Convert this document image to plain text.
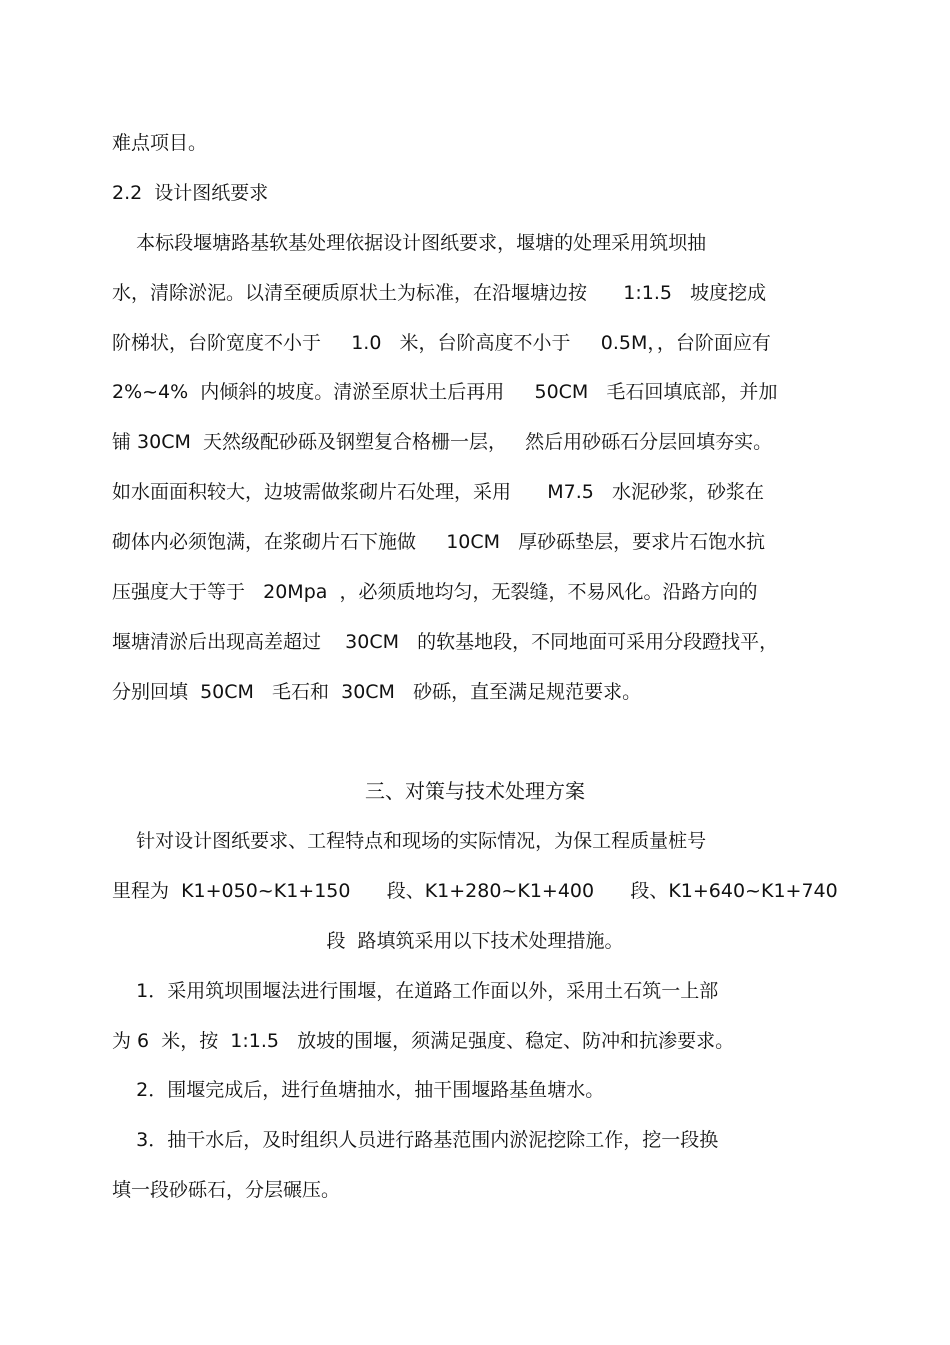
难点项目。
2.2  设计图纸要求
本标段堰塘路基软基处理依据设计图纸要求，堰塘的处理采用筑坝抽
水，清除淤泥。以清至硬质原状土为标准，在沿堰塘边按      1:1.5   坡度挖成
阶梯状，台阶宽度不小于     1.0   米，台阶高度不小于     0.5M，，台阶面应有
2%~4%  内倾斜的坡度。清淤至原状土后再用     50CM   毛石回填底部，并加
铺 30CM  天然级配砂砾及钢塑复合格栅一层，   然后用砂砾石分层回填夯实。
如水面面积较大，边坡需做浆砌片石处理，采用      M7.5   水泥砂浆，砂浆在
砌体内必须饱满，在浆砌片石下施做     10CM   厚砂砾垫层，要求片石饱水抗
压强度大于等于   20Mpa  ，必须质地均匀，无裂缝，不易风化。沿路方向的
堰塘清淤后出现高差超过    30CM   的软基地段，不同地面可采用分段蹬找平，
分别回填  50CM   毛石和  30CM   砂砾，直至满足规范要求。
三、对策与技术处理方案
针对设计图纸要求、工程特点和现场的实际情况，为保工程质量桩号
里程为  K1+050~K1+150      段、K1+280~K1+400      段、K1+640~K1+740
段  路填筑采用以下技术处理措施。
1．采用筑坝围堰法进行围堰，在道路工作面以外，采用土石筑一上部
为 6  米，按  1:1.5   放坡的围堰，须满足强度、稳定、防冲和抗渗要求。
2．围堰完成后，进行鱼塘抽水，抽干围堰路基鱼塘水。
3．抽干水后，及时组织人员进行路基范围内淤泥挖除工作，挖一段换
填一段砂砾石，分层碾压。
